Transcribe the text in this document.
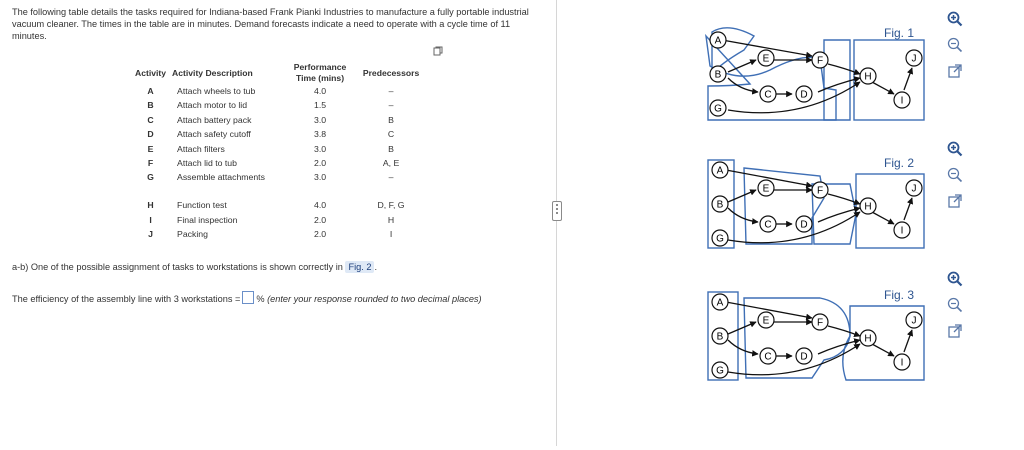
The following table details the tasks required for Indiana-based Frank Pianki Industries to manufacture a fully portable industrial vacuum cleaner. The times in the table are in minutes. Demand forecasts indicate a need to operate with a cycle time of 11 minutes.
Activity	Activity Description	Performance Time (mins)	Predecessors
A	Attach wheels to tub	4.0	–
B	Attach motor to lid	1.5	–
C	Attach battery pack	3.0	B
D	Attach safety cutoff	3.8	C
E	Attach filters	3.0	B
F	Attach lid to tub	2.0	A, E
G	Assemble attachments	3.0	–
H	Function test	4.0	D, F, G
I	Final inspection	2.0	H
J	Packing	2.0	I
a-b) One of the possible assignment of tasks to workstations is shown correctly in Fig. 2 .
The efficiency of the assembly line with 3 workstations = % (enter your response rounded to two decimal places)
Fig. 1
A
B
G
E
C
F
D
H
I
J
Fig. 2
A
B
G
E
C
F
D
H
I
J
Fig. 3
A
B
G
E
C
F
D
H
I
J
